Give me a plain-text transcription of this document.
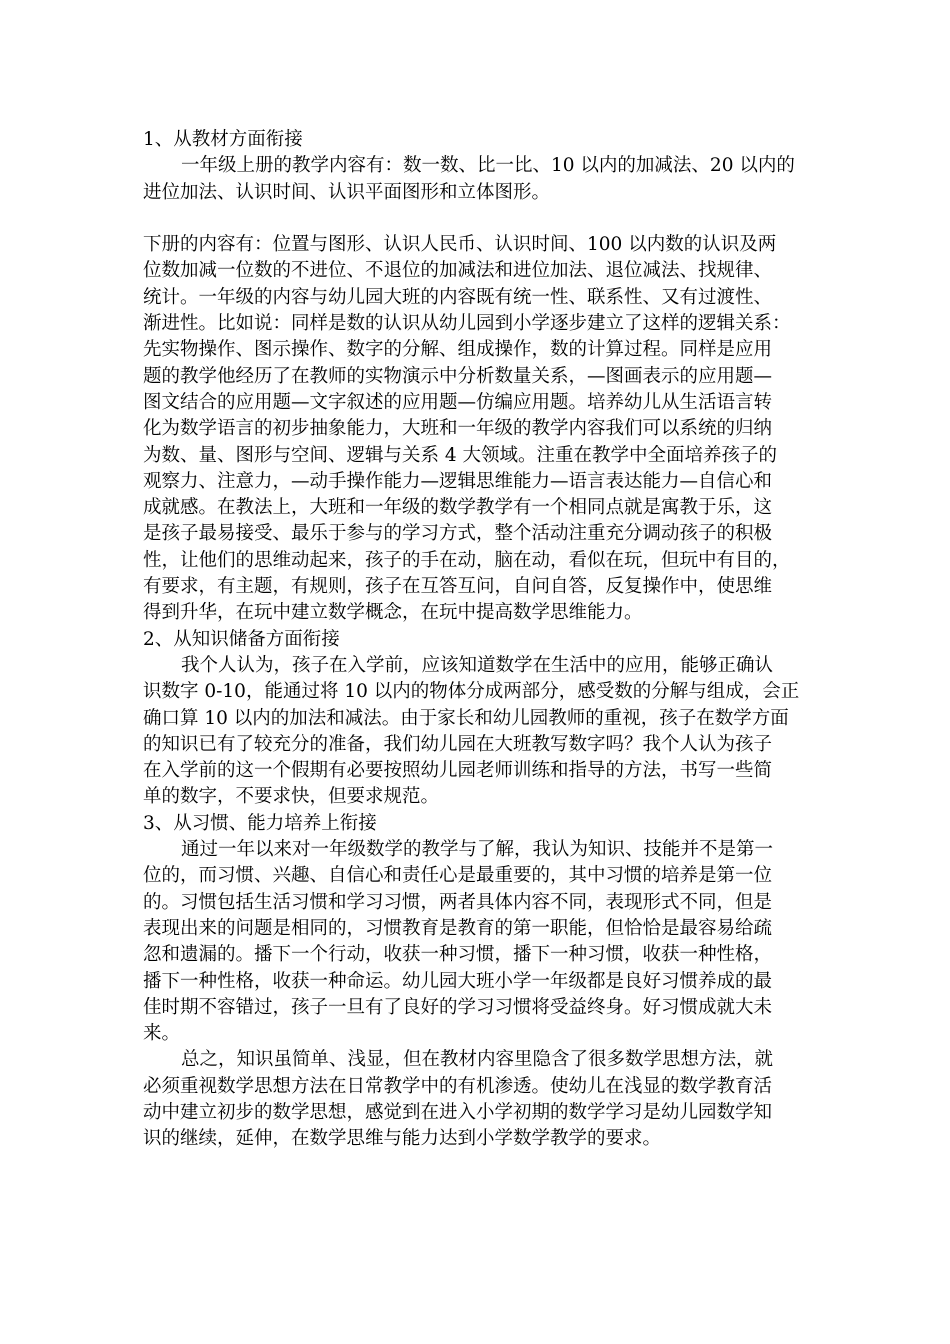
1、从教材方面衔接
一年级上册的教学内容有：数一数、比一比、10 以内的加减法、20 以内的
进位加法、认识时间、认识平面图形和立体图形。
下册的内容有：位置与图形、认识人民币、认识时间、100 以内数的认识及两
位数加减一位数的不进位、不退位的加减法和进位加法、退位减法、找规律、
统计。一年级的内容与幼儿园大班的内容既有统一性、联系性、又有过渡性、
渐进性。比如说：同样是数的认识从幼儿园到小学逐步建立了这样的逻辑关系：
先实物操作、图示操作、数字的分解、组成操作，数的计算过程。同样是应用
题的教学他经历了在教师的实物演示中分析数量关系，—图画表示的应用题—
图文结合的应用题—文字叙述的应用题—仿编应用题。培养幼儿从生活语言转
化为数学语言的初步抽象能力，大班和一年级的教学内容我们可以系统的归纳
为数、量、图形与空间、逻辑与关系 4 大领域。注重在教学中全面培养孩子的
观察力、注意力，—动手操作能力—逻辑思维能力—语言表达能力—自信心和
成就感。在教法上，大班和一年级的数学教学有一个相同点就是寓教于乐，这
是孩子最易接受、最乐于参与的学习方式，整个活动注重充分调动孩子的积极
性，让他们的思维动起来，孩子的手在动，脑在动，看似在玩，但玩中有目的，
有要求，有主题，有规则，孩子在互答互问，自问自答，反复操作中，使思维
得到升华，在玩中建立数学概念，在玩中提高数学思维能力。
2、从知识储备方面衔接
我个人认为，孩子在入学前，应该知道数学在生活中的应用，能够正确认
识数字 0-10，能通过将 10 以内的物体分成两部分，感受数的分解与组成，会正
确口算 10 以内的加法和减法。由于家长和幼儿园教师的重视，孩子在数学方面
的知识已有了较充分的准备，我们幼儿园在大班教写数字吗？我个人认为孩子
在入学前的这一个假期有必要按照幼儿园老师训练和指导的方法，书写一些简
单的数字，不要求快，但要求规范。
3、从习惯、能力培养上衔接
通过一年以来对一年级数学的教学与了解，我认为知识、技能并不是第一
位的，而习惯、兴趣、自信心和责任心是最重要的，其中习惯的培养是第一位
的。习惯包括生活习惯和学习习惯，两者具体内容不同，表现形式不同，但是
表现出来的问题是相同的，习惯教育是教育的第一职能，但恰恰是最容易给疏
忽和遗漏的。播下一个行动，收获一种习惯，播下一种习惯，收获一种性格，
播下一种性格，收获一种命运。幼儿园大班小学一年级都是良好习惯养成的最
佳时期不容错过，孩子一旦有了良好的学习习惯将受益终身。好习惯成就大未
来。
总之，知识虽简单、浅显，但在教材内容里隐含了很多数学思想方法，就
必须重视数学思想方法在日常教学中的有机渗透。使幼儿在浅显的数学教育活
动中建立初步的数学思想，感觉到在进入小学初期的数学学习是幼儿园数学知
识的继续，延伸，在数学思维与能力达到小学数学教学的要求。
